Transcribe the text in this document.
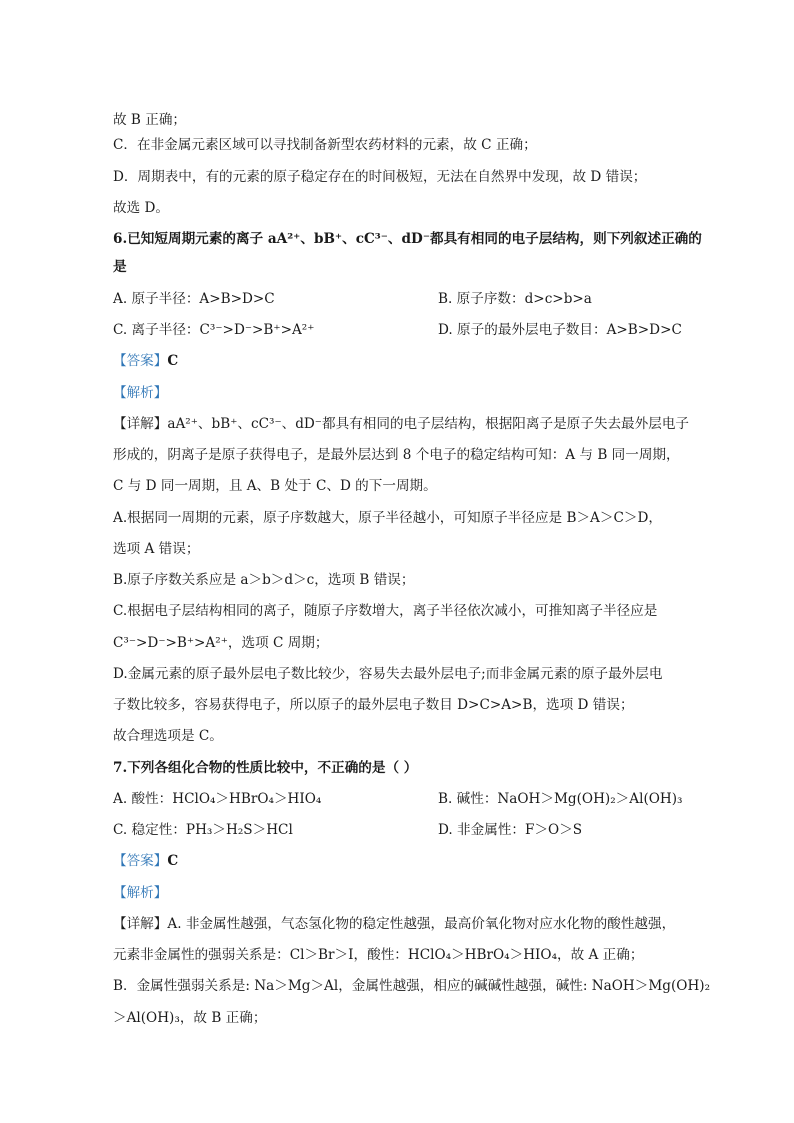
故 B 正确；
C．在非金属元素区域可以寻找制备新型农药材料的元素，故 C 正确；
D．周期表中，有的元素的原子稳定存在的时间极短，无法在自然界中发现，故 D 错误；
故选 D。
6.已知短周期元素的离子 aA²⁺、bB⁺、cC³⁻、dD⁻都具有相同的电子层结构，则下列叙述正确的
是
A. 原子半径：A>B>D>C	B. 原子序数：d>c>b>a
C. 离子半径：C³⁻>D⁻>B⁺>A²⁺	D. 原子的最外层电子数目：A>B>D>C
【答案】C
【解析】
【详解】aA²⁺、bB⁺、cC³⁻、dD⁻都具有相同的电子层结构，根据阳离子是原子失去最外层电子
形成的，阴离子是原子获得电子，是最外层达到 8 个电子的稳定结构可知：A 与 B 同一周期，
C 与 D 同一周期，且 A、B 处于 C、D 的下一周期。
A.根据同一周期的元素，原子序数越大，原子半径越小，可知原子半径应是 B＞A＞C＞D，
选项 A 错误；
B.原子序数关系应是 a＞b＞d＞c，选项 B 错误；
C.根据电子层结构相同的离子，随原子序数增大，离子半径依次减小，可推知离子半径应是
C³⁻>D⁻>B⁺>A²⁺，选项 C 周期；
D.金属元素的原子最外层电子数比较少，容易失去最外层电子;而非金属元素的原子最外层电
子数比较多，容易获得电子，所以原子的最外层电子数目 D>C>A>B，选项 D 错误；
故合理选项是 C。
7.下列各组化合物的性质比较中，不正确的是（ ）
A. 酸性：HClO₄＞HBrO₄＞HIO₄	B. 碱性：NaOH＞Mg(OH)₂＞Al(OH)₃
C. 稳定性：PH₃＞H₂S＞HCl	D. 非金属性：F＞O＞S
【答案】C
【解析】
【详解】A. 非金属性越强，气态氢化物的稳定性越强，最高价氧化物对应水化物的酸性越强，
元素非金属性的强弱关系是：Cl＞Br＞I，酸性：HClO₄＞HBrO₄＞HIO₄，故 A 正确；
B．金属性强弱关系是: Na＞Mg＞Al，金属性越强，相应的碱碱性越强，碱性: NaOH＞Mg(OH)₂
＞Al(OH)₃，故 B 正确；
